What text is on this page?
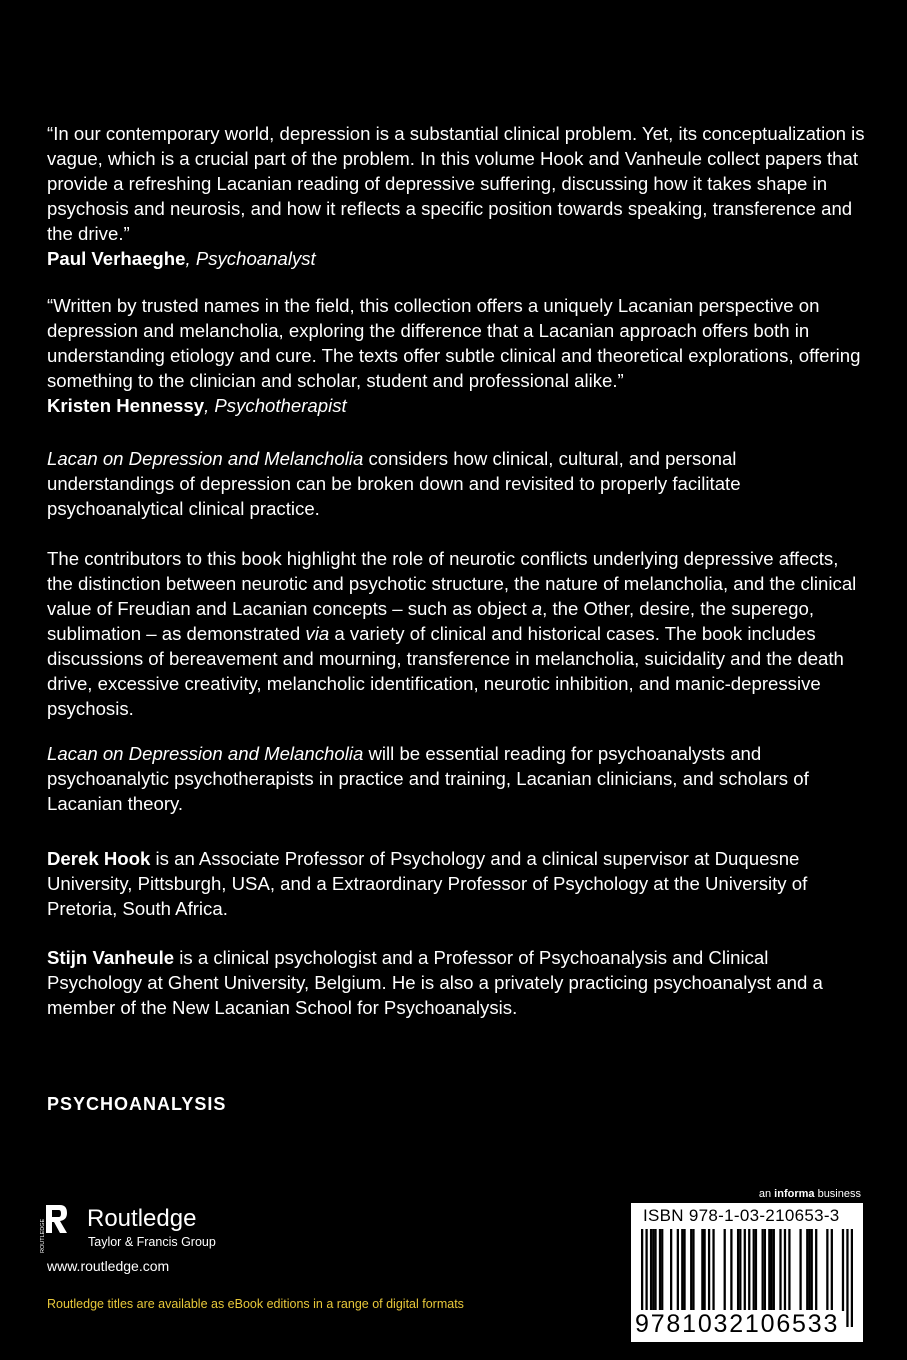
“In our contemporary world, depression is a substantial clinical problem. Yet, its conceptualization is vague, which is a crucial part of the problem. In this volume Hook and Vanheule collect papers that provide a refreshing Lacanian reading of depressive suffering, discussing how it takes shape in psychosis and neurosis, and how it reflects a specific position towards speaking, transference and the drive.”

Paul Verhaeghe, Psychoanalyst

“Written by trusted names in the field, this collection offers a uniquely Lacanian perspective on depression and melancholia, exploring the difference that a Lacanian approach offers both in understanding etiology and cure. The texts offer subtle clinical and theoretical explorations, offering something to the clinician and scholar, student and professional alike.”

Kristen Hennessy, Psychotherapist

Lacan on Depression and Melancholia considers how clinical, cultural, and personal understandings of depression can be broken down and revisited to properly facilitate psychoanalytical clinical practice.

The contributors to this book highlight the role of neurotic conflicts underlying depressive affects, the distinction between neurotic and psychotic structure, the nature of melancholia, and the clinical value of Freudian and Lacanian concepts – such as object a, the Other, desire, the superego, sublimation – as demonstrated via a variety of clinical and historical cases. The book includes discussions of bereavement and mourning, transference in melancholia, suicidality and the death drive, excessive creativity, melancholic identification, neurotic inhibition, and manic-depressive psychosis.

Lacan on Depression and Melancholia will be essential reading for psychoanalysts and psychoanalytic psychotherapists in practice and training, Lacanian clinicians, and scholars of Lacanian theory.

Derek Hook is an Associate Professor of Psychology and a clinical supervisor at Duquesne University, Pittsburgh, USA, and a Extraordinary Professor of Psychology at the University of Pretoria, South Africa.

Stijn Vanheule is a clinical psychologist and a Professor of Psychoanalysis and Clinical Psychology at Ghent University, Belgium. He is also a privately practicing psychoanalyst and a member of the New Lacanian School for Psychoanalysis.

PSYCHOANALYSIS
ROUTLEDGE
Routledge
Taylor & Francis Group
www.routledge.com
Routledge titles are available as eBook editions in a range of digital formats
an informa business
ISBN 978-1-03-210653-3
9781032106533
